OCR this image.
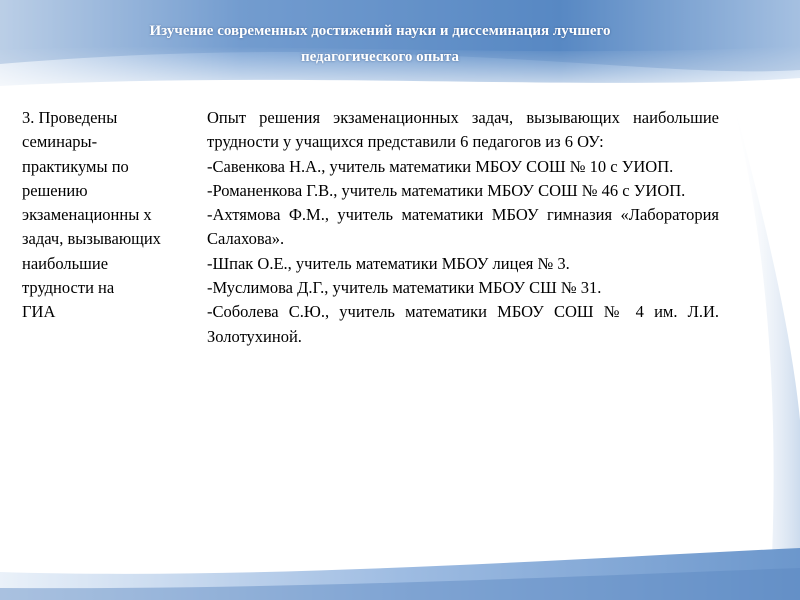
Изучение современных достижений науки и диссеминация лучшего
педагогического опыта
3. Проведены
семинары-
практикумы по
решению
экзаменационны х
задач, вызывающих
наибольшие
трудности на
ГИА

Опыт решения экзаменационных задач, вызывающих наибольшие трудности у учащихся представили 6 педагогов из 6 ОУ:

-Савенкова Н.А., учитель математики МБОУ СОШ № 10 с УИОП.

-Романенкова Г.В., учитель математики МБОУ СОШ № 46 с УИОП.

-Ахтямова Ф.М., учитель математики МБОУ гимназия «Лаборатория Салахова».

-Шпак О.Е., учитель математики МБОУ лицея № 3.

-Муслимова Д.Г., учитель математики МБОУ СШ № 31.

-Соболева С.Ю., учитель математики МБОУ СОШ № 4 им. Л.И. Золотухиной.
